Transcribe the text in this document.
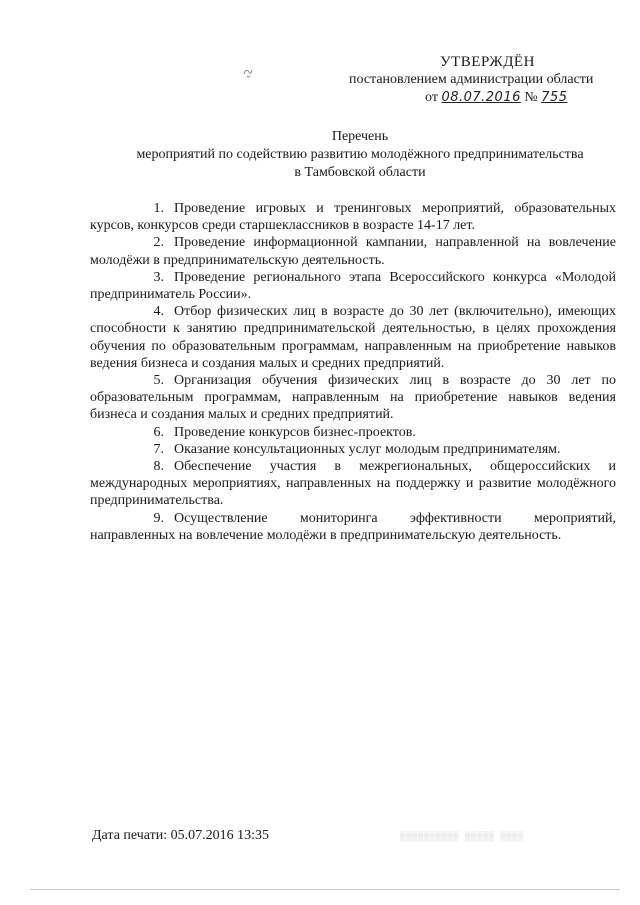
УТВЕРЖДЁН
постановлением администрации области
от 08.07.2016 № 755
Перечень
мероприятий по содействию развитию молодёжного предпринимательства
в Тамбовской области

1. Проведение игровых и тренинговых мероприятий, образовательных курсов, конкурсов среди старшеклассников в возрасте 14-17 лет.

2. Проведение информационной кампании, направленной на вовлечение молодёжи в предпринимательскую деятельность.

3. Проведение регионального этапа Всероссийского конкурса «Молодой предприниматель России».

4. Отбор физических лиц в возрасте до 30 лет (включительно), имеющих способности к занятию предпринимательской деятельностью, в целях прохождения обучения по образовательным программам, направленным на приобретение навыков ведения бизнеса и создания малых и средних предприятий.

5. Организация обучения физических лиц в возрасте до 30 лет по образовательным программам, направленным на приобретение навыков ведения бизнеса и создания малых и средних предприятий.

6. Проведение конкурсов бизнес-проектов.

7. Оказание консультационных услуг молодым предпринимателям.

8. Обеспечение участия в межрегиональных, общероссийских и международных мероприятиях, направленных на поддержку и развитие молодёжного предпринимательства.

9. Осуществление мониторинга эффективности мероприятий, направленных на вовлечение молодёжи в предпринимательскую деятельность.

Дата печати: 05.07.2016 13:35	▒▒▒▒▒▒▒▒▒▒ ▒▒▒▒▒ ▒▒▒▒
